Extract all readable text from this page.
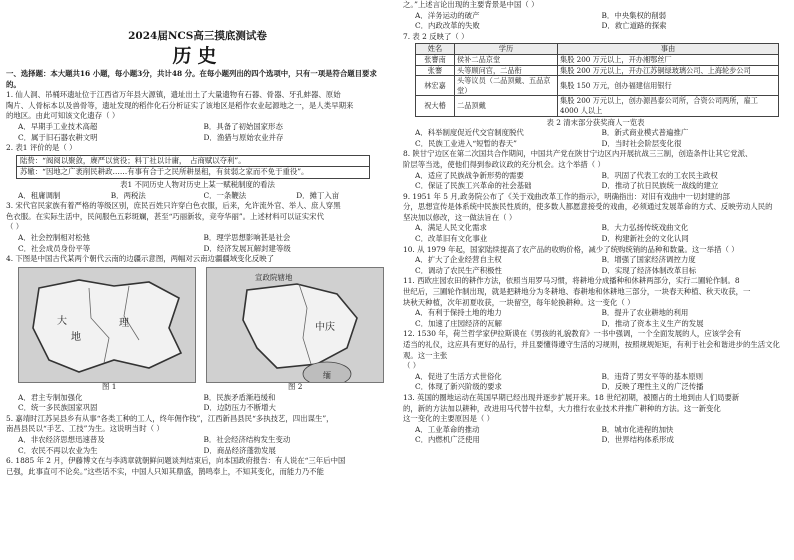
2024届NCS高三摸底测试卷
历史

一、选择题：本大题共16 小题，每小题3分，共计48 分。在每小题列出的四个选项中，只有一项是符合题目要求的。

1. 仙人洞、吊桶环遗址位于江西省万年县大源镇，遗址出土了大量遗物有石器、骨器、牙孔蚌器、原始

陶片、人骨标本以及兽骨等，遗址发现的稻作化石分析证实了该地区是稻作农业起源地之一，是人类早期来

的地区。由此可知该文化遗存（ ）

A．早期手工业技术高超	B．具备了初始国家形态
C．属于旧石器农耕文明	D．渔猎与原始农业并存

2. 表1 评价的是（ ）

陆贽：“阀阅以聚敛，赓严以赏役；料丁社以计庸，　占商赋以夺利”。
苏辙：“因地之广袤削民耕政……有事有合于之民所耕垦租，有贫弱之家而不免于重役”。

表1 不同历史人物对历史上某一赋税制度的看法

A．租庸调制	B．两税法	C．一条鞭法	D．摊丁入亩

3. 宋代官民家族有着严格的等级区别，庶民百姓只许穿白色衣服，后来，允许流外官、举人、庶人穿黑

色衣服。在实际生活中，民间服色五彩斑斓，甚至“巧丽新妆，竞夸华丽”。上述材料可以证实宋代

（ ）

A．社会控制相对松弛	B．理学思想影响甚是社会
C．社会成员身份平等	D．经济发展瓦解封建等级

4. 下图是中国古代某两个朝代云南的边疆示意图，两幅对云南边疆疆域变化反映了

大
地
理
图 1
宣政院辖地
中庆
缅
图 2
A．君主专制加强化	B．民族矛盾渐趋缓和
C．统一多民族国家巩固	D．边防压力不断增大

5. 嘉靖时江苏吴县乡有从事“各类工种的工人，终年佣作钱”，江西新昌县民“多执技艺，四出谋生”，

南昌县民以“手艺、工技”为生。这说明当时（ ）

A．非农经济思想迅速普及	B．社会经济结构发生变动
C．农民不再以农业为生	D．商品经济蓬勃发展

6. 1885 年 2 月，伊藤博文在与李鸿章就朝鲜问题谈判结束后，向本国政府报告：有人说在“三年后中国

已强，此事直可不论矣。”这些话不实，中国人只知其鼎盛，鹊鸣奉上，不知其变化，而能力乃不能

之。”上述言论出现的主要背景是中国（ ）

A．洋务运动的破产	B．中央集权的削弱
C．内政改革的失败	D．救亡道路的探索

7. 表 2 反映了（ ）

姓名	学历	事由
张謇南	侯补二品京堂	集股 200 万元以上，开办湘鄂丝厂
张謇	头等顾问官，二品衔	集股 200 万元以上，开办江苏铜绿玻璃公司、上海轮步公司
林宏嘉	头等议员（二品顶戴、五品京堂）	集股 150 万元，创办福建信用银行
祝大椿	二品顶戴	集股 200 万元以上，创办源昌泰公司所，合资公司两所，雇工 4000 人以上

表 2 清末部分获奖商人一览表

A．科举制度促近代交官制度脱代	B．新式商业模式普遍推广
C．民族工业进入“短暂的春天”	D．当时社会阶层变化很

8. 陕甘宁边区在第二次国共合作期间，中国共产党在陕甘宁边区内开展抗战三三制，创造条件让其它党派、

阶层等当选，使他们得到参政议政的充分机会。这个举措（ ）

A．适应了民族战争新形势的需要	B．巩固了代表工农的工农民主政权
C．保证了民族工兴革命的社会基础	D．推动了抗日民族统一战线的建立

9. 1951 年 5 月,政务院公布了《关于戏曲改革工作的指示》，明确指出：对旧有戏曲中一切封建的部

分，思想宣传是体系统中民族民性质的，使多数人都愿意接受的戏曲，必须通过发展革命的方式、反映劳动人民的

坚决加以修改，这一做法旨在（ ）

A．满足人民文化需求	B．大力弘扬传统戏曲文化
C．改革旧有文化事业	D．构建新社会的文化认同

10. 从 1979 年起，国家陆续提高了农产品的收购价格，减少了统购统销的品种和数量。这一举措（ ）

A．扩大了企业经营自主权	B．增强了国家经济调控力度
C．调动了农民生产积极性	D．实现了经济体制改革目标

11. 西欧庄园农田的耕作方法，依照当用罗马习惯，将耕地分成播种和休耕两部分，实行二圃轮作制。8

世纪后，三圃轮作制出现，就是把耕地分为冬耕地、春耕地和休耕地三部分，一块春天种植、秋天收获，一

块秋天种植，次年初夏收获，一块留空，每年轮换耕种。这一变化（ ）

A．有利于保持土地的地力	B．提升了农业耕地的利用
C．加速了庄园经济的瓦解	D．推动了资本主义生产的发展

12. 1530 年，荷兰哲学家伊拉斯谟在《男孩的礼貌教育》一书中强调，一个全面发展的人，应该学会有

适当的礼仪，这应具有更好的品行，并且要懂得遵守生活的习规则，按照规规矩矩，有利于社会和谐进步的生活文化观。这一主张

（ ）

A．促进了生活方式世俗化	B．违背了男女平等的基本原则
C．体现了新兴阶级的要求	D．反映了理性主义的广泛传播

13. 英国的圈地运动在英国早期已经出现并逐步扩展开来。18 世纪初期，被圈占的土地到由人们局要新

的，新的方法加以耕种，改进用马代替牛拉犁，大力推行农业技术并推广耕种的方法。这一新变化

这一变化的主要原因是（ ）

A．工业革命的推动	B．城市化进程的加快
C．内燃机广泛使用	D．世界结构体系形成
